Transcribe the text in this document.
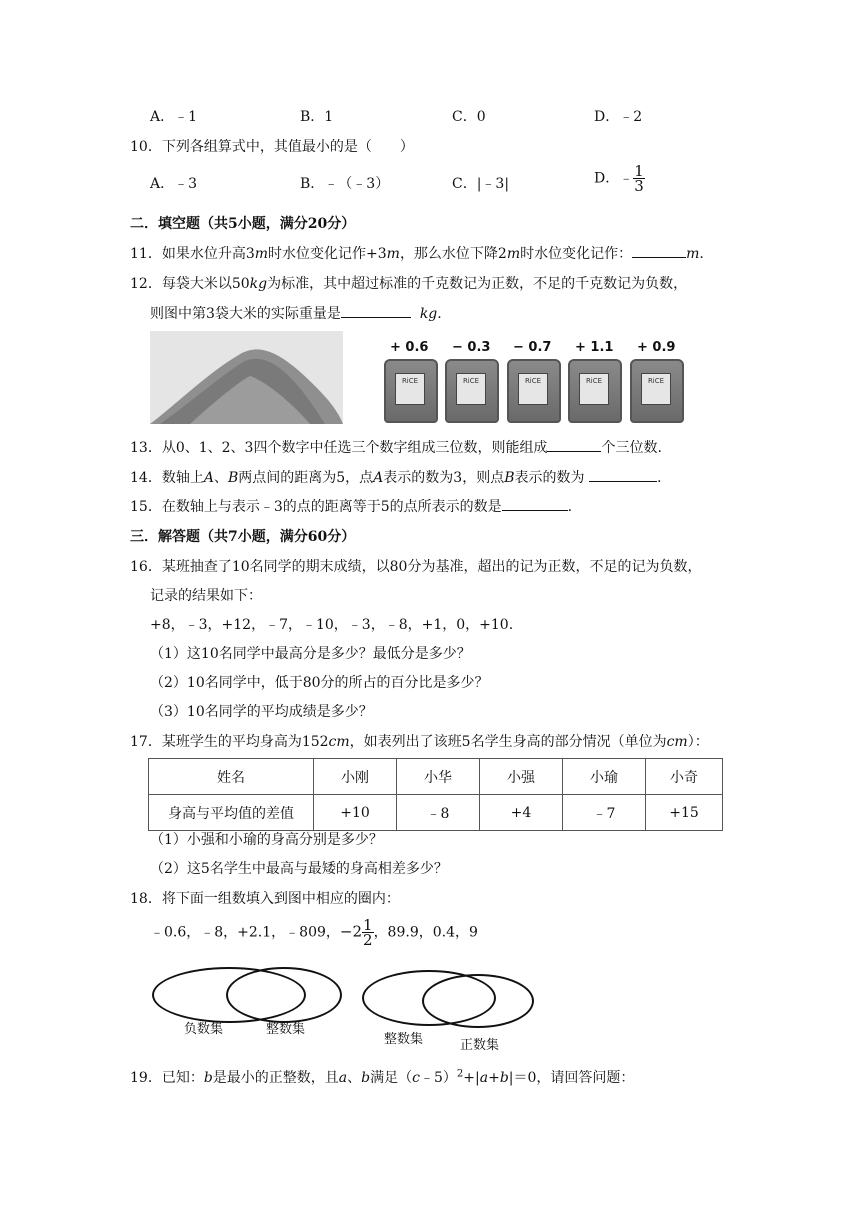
A．﹣1	B．1	C．0	D．﹣2
10．下列各组算式中，其值最小的是（　　）
A．﹣3	B．﹣（﹣3）	C．|﹣3|	D．﹣ $\frac{1}{3}$
二．填空题（共5小题，满分20分）
11．如果水位升高3m时水位变化记作+3m，那么水位下降2m时水位变化记作：	m.
12．每袋大米以50kg为标准，其中超过标准的千克数记为正数，不足的千克数记为负数，
则图中第3袋大米的实际重量是	kg.
+ 0.6
RiCE
− 0.3
RiCE
− 0.7
RiCE
+ 1.1
RiCE
+ 0.9
RiCE
13．从0、1、2、3四个数字中任选三个数字组成三位数，则能组成	个三位数.
14．数轴上A、B两点间的距离为5，点A表示的数为3，则点B表示的数为	.
15．在数轴上与表示﹣3的点的距离等于5的点所表示的数是	.
三．解答题（共7小题，满分60分）
16．某班抽查了10名同学的期末成绩，以80分为基准，超出的记为正数，不足的记为负数，
记录的结果如下：
+8，﹣3，+12，﹣7，﹣10，﹣3，﹣8，+1，0，+10.
（1）这10名同学中最高分是多少？最低分是多少？
（2）10名同学中，低于80分的所占的百分比是多少？
（3）10名同学的平均成绩是多少？
17．某班学生的平均身高为152cm，如表列出了该班5名学生身高的部分情况（单位为cm）：
姓名	小刚	小华	小强	小瑜	小奇
身高与平均值的差值	+10	﹣8	+4	﹣7	+15
（1）小强和小瑜的身高分别是多少？
（2）这5名学生中最高与最矮的身高相差多少？
18．将下面一组数填入到图中相应的圈内：
﹣0.6，﹣8，+2.1，﹣809，$-2 \frac{1}{2}$ ，89.9，0.4，9
负数集	整数集
整数集	正数集
19．已知：b是最小的正整数，且a、b满足（c﹣5）$^2$+|a+b|＝0，请回答问题：
